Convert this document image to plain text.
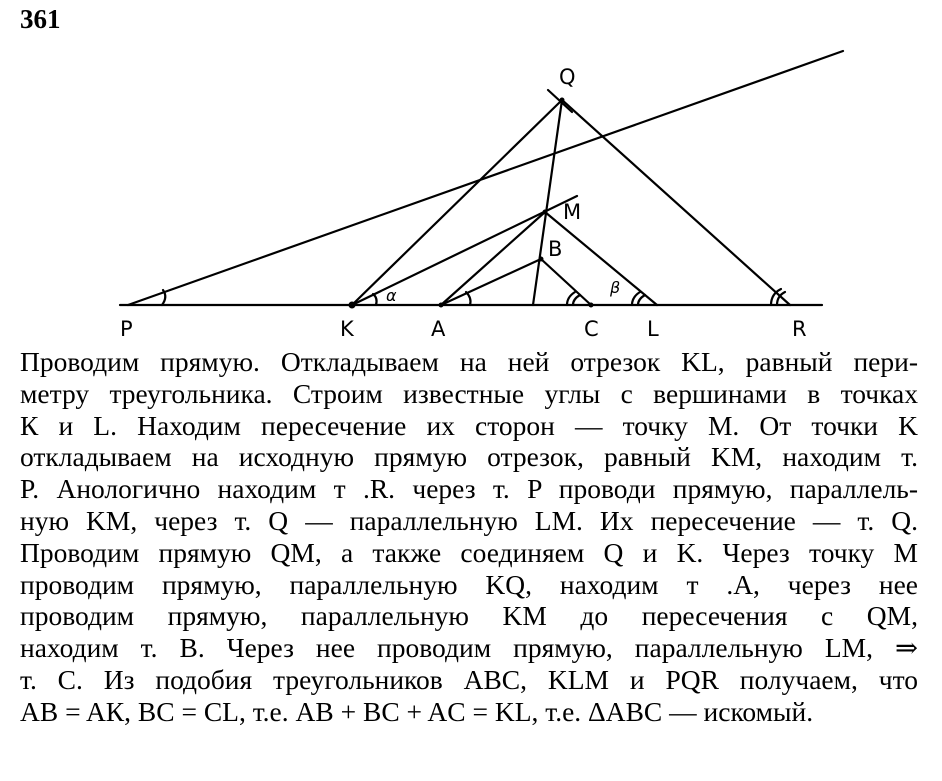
361
P	K	A	C L	R
Q
M
B
α	β
Проводим прямую. Откладываем на ней отрезок KL, равный пери-
метру треугольника. Строим известные углы с вершинами в точках
К и L. Находим пересечение их сторон — точку M. От точки K
откладываем на исходную прямую отрезок, равный KM, находим т.
P. Анологично находим т .R. через т. P проводи прямую, параллель-
ную KM, через т. Q — параллельную LM. Их пересечение — т. Q.
Проводим прямую QM, а также соединяем Q и K. Через точку M
проводим прямую, параллельную KQ, находим т .A, через нее
проводим прямую, параллельную KM до пересечения с QM,
находим т. B. Через нее проводим прямую, параллельную LM, ⇒
т. C. Из подобия треугольников ABC, KLM и PQR получаем, что
AB = AК, BC = CL, т.е. AB + BC + AC = KL, т.е. ΔABC — искомый.
